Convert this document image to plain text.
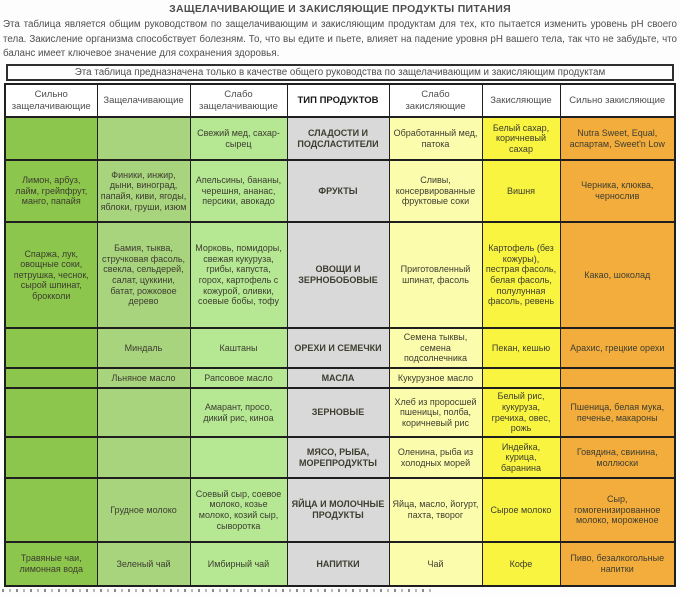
ЗАЩЕЛАЧИВАЮЩИЕ И ЗАКИСЛЯЮЩИЕ ПРОДУКТЫ ПИТАНИЯ

Эта таблица является общим руководством по защелачивающим и закисляющим продуктам для тех, кто пытается изменить уровень pH своего тела. Закисление организма способствует болезням. То, что вы едите и пьете, влияет на падение уровня pH вашего тела, так что не забудьте, что баланс имеет ключевое значение для сохранения здоровья.

Эта таблица предназначена только в качестве общего руководства по защелачивающим и закисляющим продуктам
Сильно защелачивающие	Защелачивающие	Слабо защелачивающие	ТИП ПРОДУКТОВ	Слабо закисляющие	Закисляющие	Сильно закисляющие
		Свежий мед, сахар-сырец	СЛАДОСТИ И ПОДСЛАСТИТЕЛИ	Обработанный мед, патока	Белый сахар, коричневый сахар	Nutra Sweet, Equal, аспартам, Sweet'n Low
Лимон, арбуз, лайм, грейпфрут, манго, папайя	Финики, инжир, дыни, виноград, папайя, киви, ягоды, яблоки, груши, изюм	Апельсины, бананы, черешня, ананас, персики, авокадо	ФРУКТЫ	Сливы, консервированные фруктовые соки	Вишня	Черника, клюква, чернослив
Спаржа, лук, овощные соки, петрушка, чеснок, сырой шпинат, брокколи	Бамия, тыква, стручковая фасоль, свекла, сельдерей, салат, цуккини, батат, рожковое дерево	Морковь, помидоры, свежая кукуруза, грибы, капуста, горох, картофель с кожурой, оливки, соевые бобы, тофу	ОВОЩИ И ЗЕРНОБОБОВЫЕ	Приготовленный шпинат, фасоль	Картофель (без кожуры), пестрая фасоль, белая фасоль, полулунная фасоль, ревень	Какао, шоколад
	Миндаль	Каштаны	ОРЕХИ И СЕМЕЧКИ	Семена тыквы, семена подсолнечника	Пекан, кешью	Арахис, грецкие орехи
	Льняное масло	Рапсовое масло	МАСЛА	Кукурузное масло		
		Амарант, просо, дикий рис, киноа	ЗЕРНОВЫЕ	Хлеб из проросшей пшеницы, полба, коричневый рис	Белый рис, кукуруза, гречиха, овес, рожь	Пшеница, белая мука, печенье, макароны
			МЯСО, РЫБА, МОРЕПРОДУКТЫ	Оленина, рыба из холодных морей	Индейка, курица, баранина	Говядина, свинина, моллюски
	Грудное молоко	Соевый сыр, соевое молоко, козье молоко, козий сыр, сыворотка	ЯЙЦА И МОЛОЧНЫЕ ПРОДУКТЫ	Яйца, масло, йогурт, пахта, творог	Сырое молоко	Сыр, гомогенизированное молоко, мороженое
Травяные чаи, лимонная вода	Зеленый чай	Имбирный чай	НАПИТКИ	Чай	Кофе	Пиво, безалкогольные напитки
